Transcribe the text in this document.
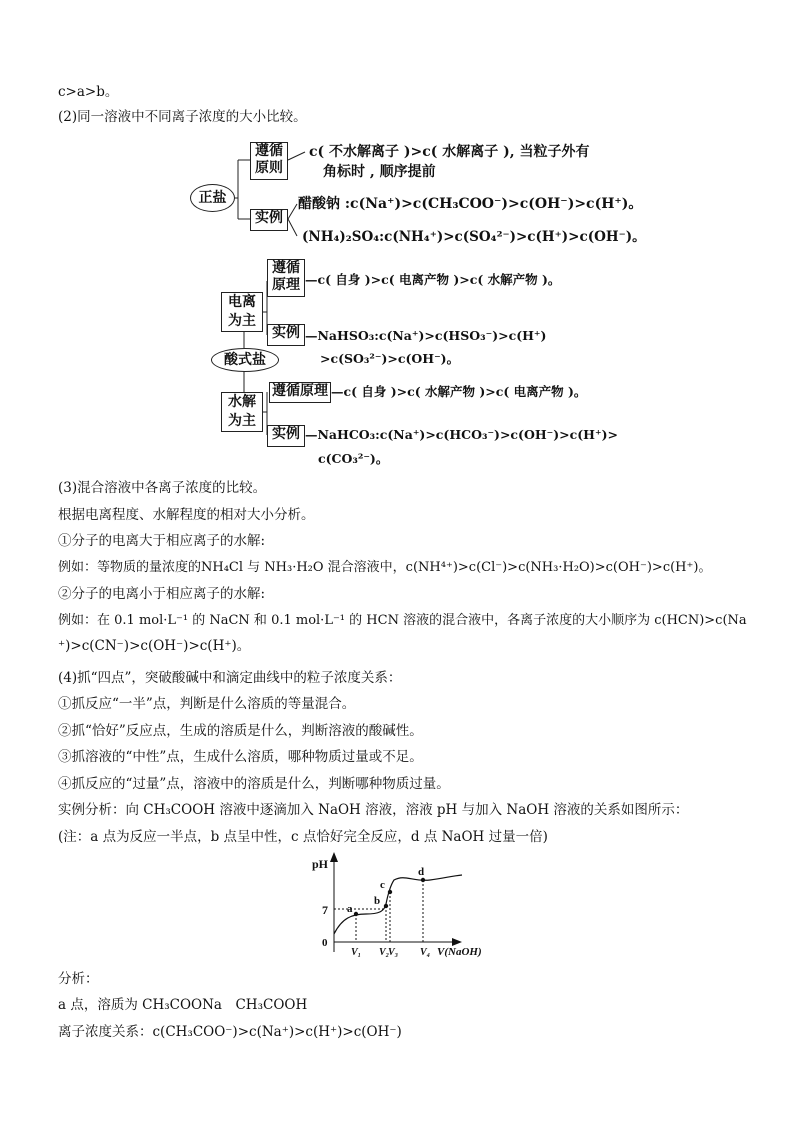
c>a>b。
(2)同一溶液中不同离子浓度的大小比较。
正盐
遵循原则
c( 不水解离子 )>c( 水解离子 ), 当粒子外有
角标时 , 顺序提前
实例
醋酸钠 :c(Na⁺)>c(CH₃COO⁻)>c(OH⁻)>c(H⁺)。
(NH₄)₂SO₄:c(NH₄⁺)>c(SO₄²⁻)>c(H⁺)>c(OH⁻)。
遵循原理 —c( 自身 )>c( 电离产物 )>c( 水解产物 )。
电离为主
实例 —NaHSO₃:c(Na⁺)>c(HSO₃⁻)>c(H⁺)
>c(SO₃²⁻)>c(OH⁻)。
酸式盐
遵循原理 —c( 自身 )>c( 水解产物 )>c( 电离产物 )。
水解为主
实例 —NaHCO₃:c(Na⁺)>c(HCO₃⁻)>c(OH⁻)>c(H⁺)>
c(CO₃²⁻)。
(3)混合溶液中各离子浓度的比较。
根据电离程度、水解程度的相对大小分析。
①分子的电离大于相应离子的水解:
例如：等物质的量浓度的NH₄Cl 与 NH₃·H₂O 混合溶液中，c(NH⁴⁺)>c(Cl⁻)>c(NH₃·H₂O)>c(OH⁻)>c(H⁺)。
②分子的电离小于相应离子的水解:
例如：在 0.1 mol·L⁻¹ 的 NaCN 和 0.1 mol·L⁻¹ 的 HCN 溶液的混合液中，各离子浓度的大小顺序为 c(HCN)>c(Na
⁺)>c(CN⁻)>c(OH⁻)>c(H⁺)。
(4)抓“四点”，突破酸碱中和滴定曲线中的粒子浓度关系：
①抓反应“一半”点，判断是什么溶质的等量混合。
②抓“恰好”反应点，生成的溶质是什么，判断溶液的酸碱性。
③抓溶液的“中性”点，生成什么溶质，哪种物质过量或不足。
④抓反应的“过量”点，溶液中的溶质是什么，判断哪种物质过量。
实例分析：向 CH₃COOH 溶液中逐滴加入 NaOH 溶液，溶液 pH 与加入 NaOH 溶液的关系如图所示：
(注：a 点为反应一半点，b 点呈中性，c 点恰好完全反应，d 点 NaOH 过量一倍)
pH
V(NaOH)
0
7 a
V₁
b
V₂
c
V₃
d
V₄
分析：
a 点，溶质为 CH₃COONa　CH₃COOH
离子浓度关系：c(CH₃COO⁻)>c(Na⁺)>c(H⁺)>c(OH⁻)
